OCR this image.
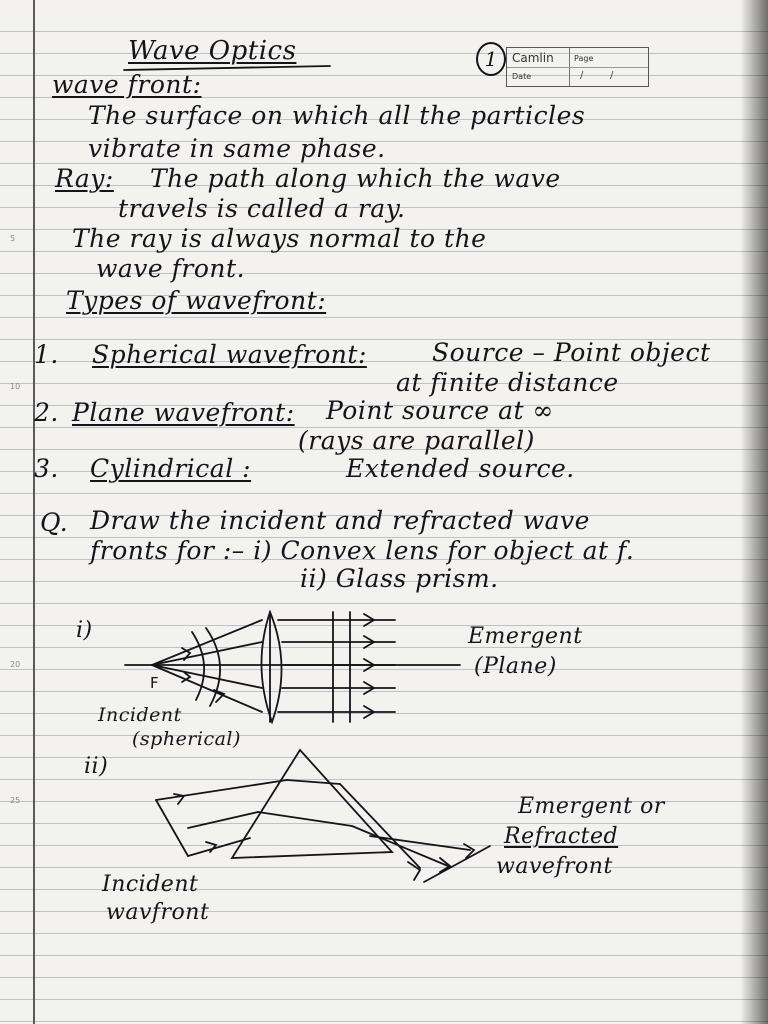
5
10
20
25
Wave Optics	1	Camlin	Page
Date	/	/
wave front:
The surface on which all the particles
vibrate in same phase.
Ray: The path along which the wave
travels is called a ray.
The ray is always normal to the
wave front.
Types of wavefront:
1. Spherical wavefront:	Source – Point object
at finite distance
2. Plane wavefront: Point source at ∞
(rays are parallel)
3. Cylindrical :	Extended source.
Q. Draw the incident and refracted wave
fronts for :– i) Convex lens for object at f.
ii) Glass prism.
i)
F
Emergent
(Plane)
Incident
(spherical)
ii)
Emergent or
Refracted
wavefront
Incident
wavfront
